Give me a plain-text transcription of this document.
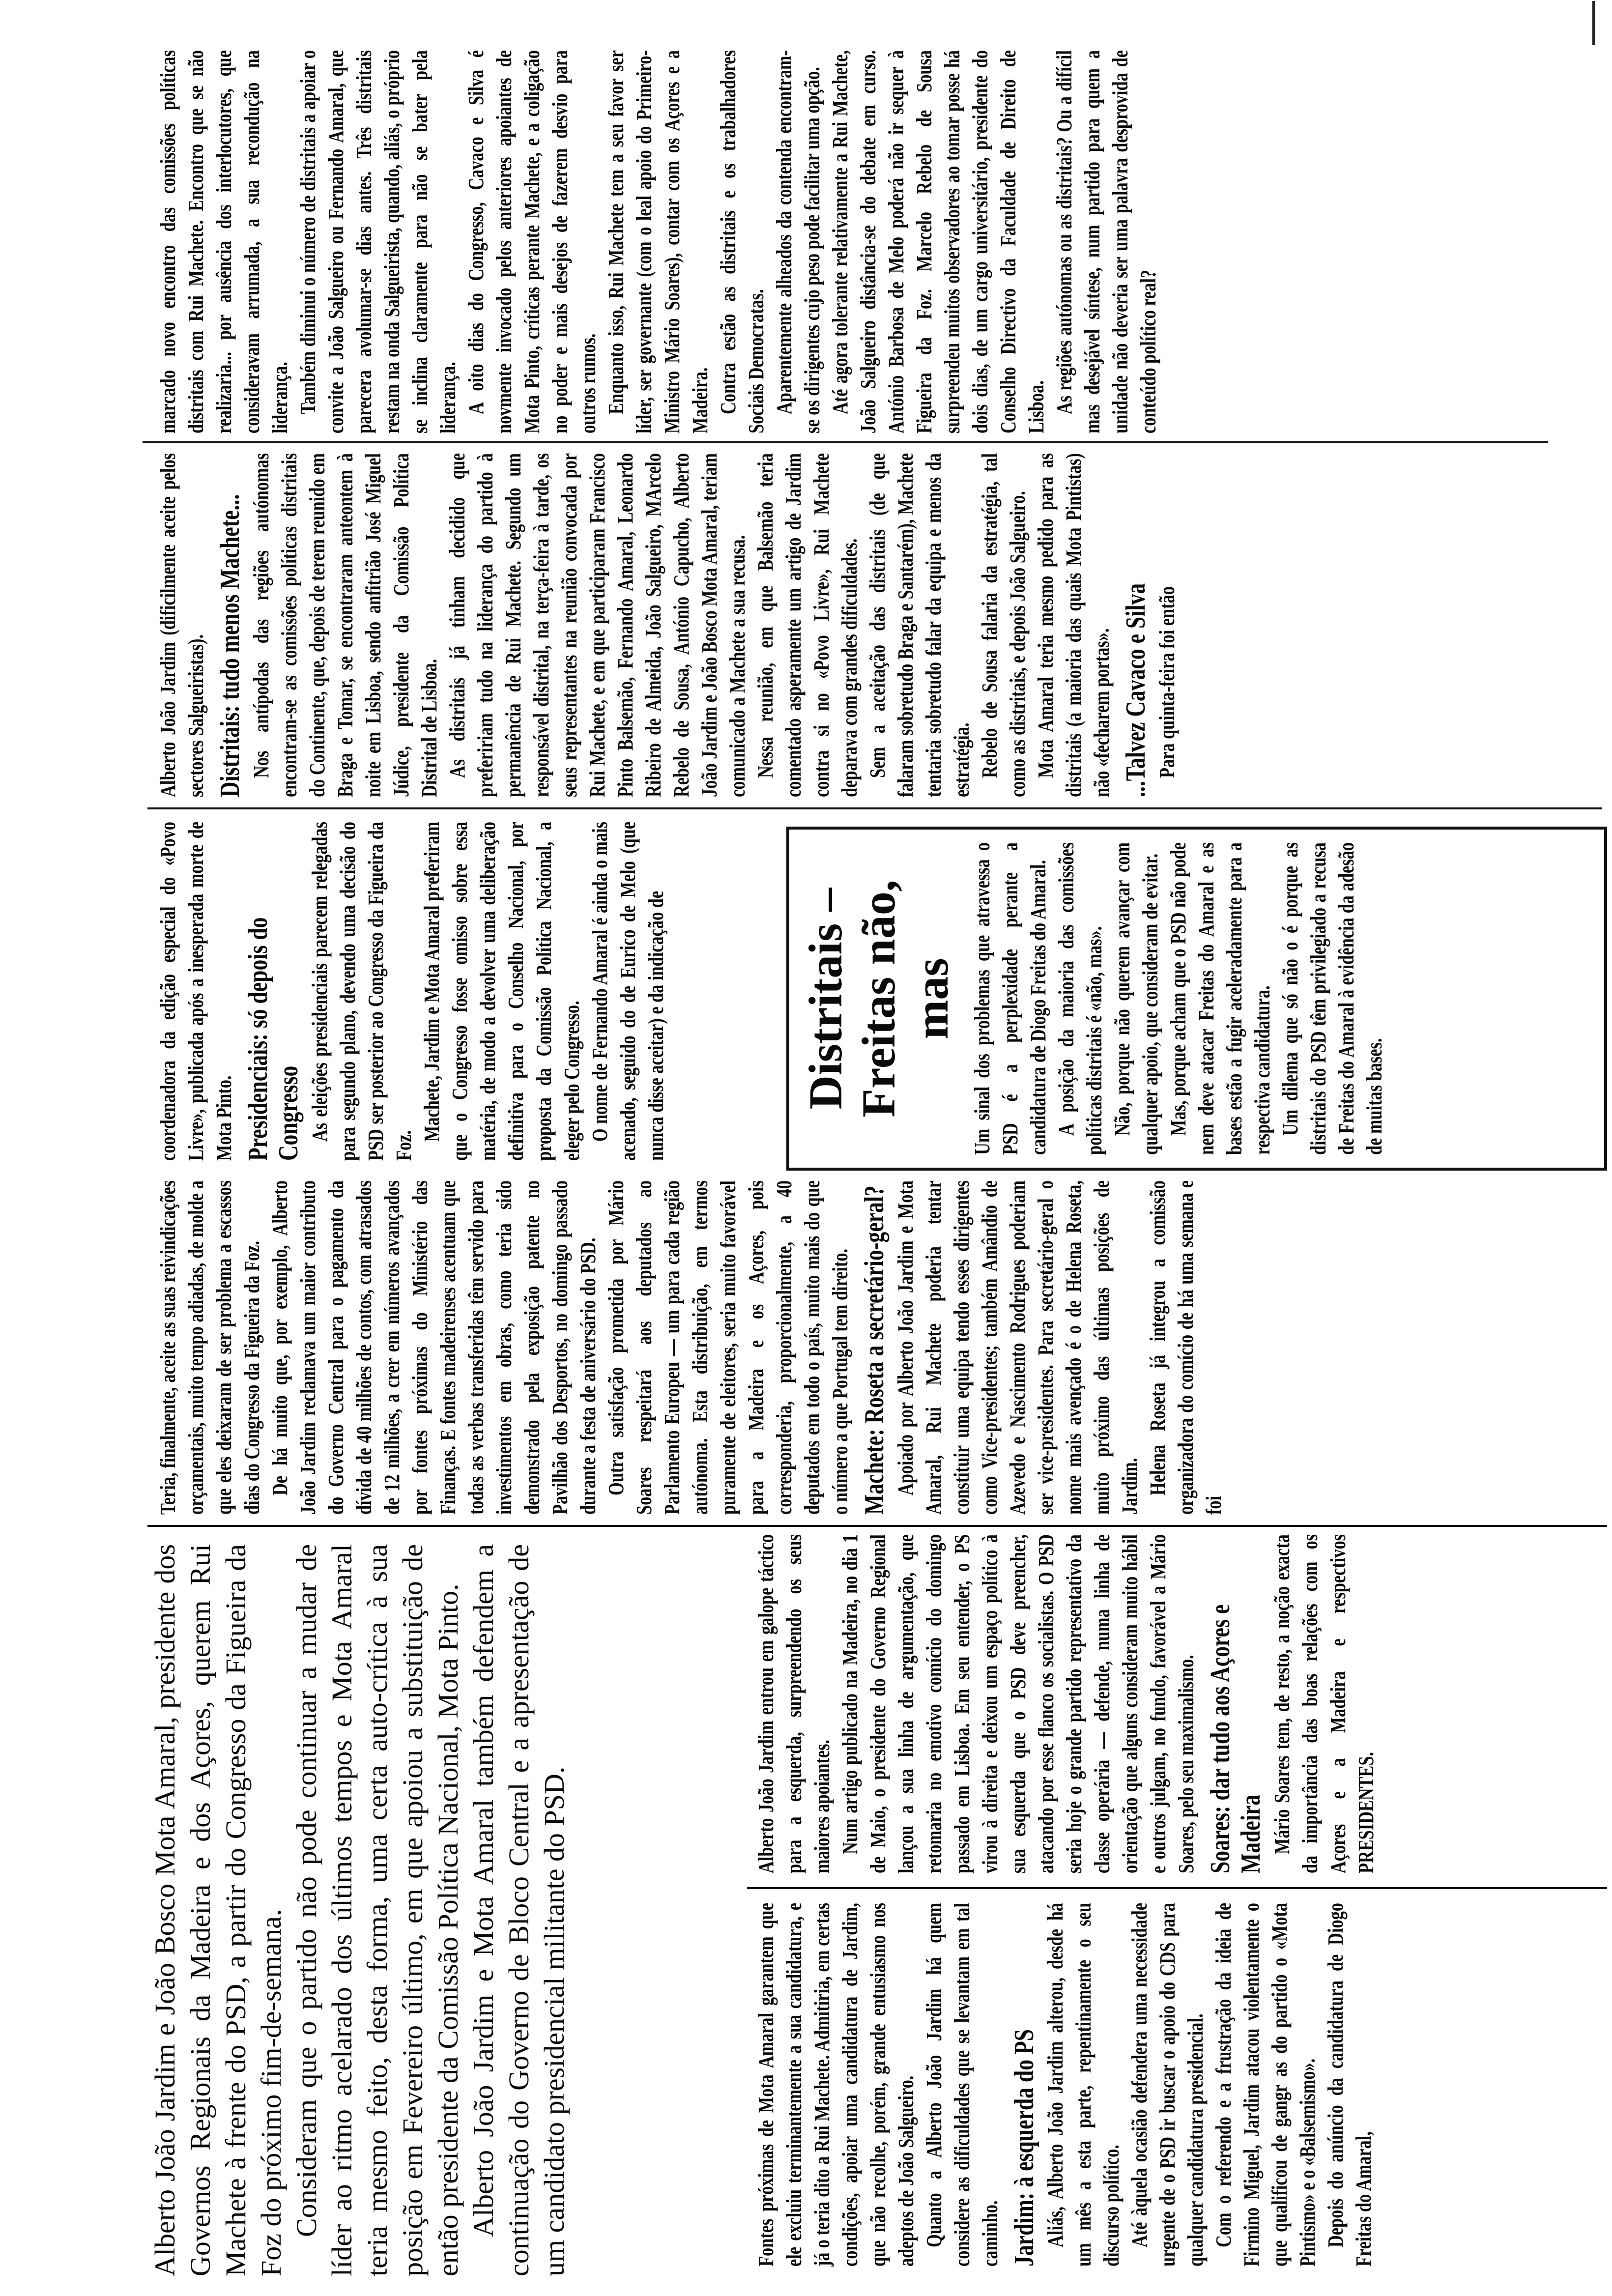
Alberto João Jardim e João Bosco Mota Amaral, presidente dos Governos Regionais da Madeira e dos Açores, querem Rui Machete à frente do PSD, a partir do Congresso da Figueira da Foz do próximo fim-de-semana. Consideram que o partido não pode continuar a mudar de líder ao ritmo acelarado dos últimos tempos e Mota Amaral teria mesmo feito, desta forma, uma certa auto-crítica à sua posição em Fevereiro último, em que apoiou a substituição de então presidente da Comissão Política Nacional, Mota Pinto. Alberto João Jardim e Mota Amaral também defendem a continuação do Governo de Bloco Central e a apresentação de um candidato presidencial militante do PSD.	Fontes próximas de Mota Amaral garantem que ele excluiu terminantemente a sua candidatura, e já o teria dito a Rui Machete. Admitiria, em certas condições, apoiar uma candidatura de Jardim, que não recolhe, porém, grande entusiasmo nos adeptos de João Salgueiro. Quanto a Alberto João Jardim há quem considere as dificuldades que se levantam em tal caminho. Jardim: à esquerda do PS Aliás, Alberto João Jardim alterou, desde há um mês a esta parte, repentinamente o seu discurso político. Até àquela ocasião defendera uma necessidade urgente de o PSD ir buscar o apoio do CDS para qualquer candidatura presidencial. Com o referendo e a frustração da ideia de Firmino Miguel, Jardim atacou violentamente o que qualificou de gangr as do partido o «Mota Pintismo» e o «Balsemismo». Depois do anúncio da candidatura de Diogo Freitas do Amaral,

Alberto João Jardim entrou em galope táctico para a esquerda, surpreendendo os seus maiores apoiantes. Num artigo publicado na Madeira, no dia 1 de Maio, o presidente do Governo Regional lançou a sua linha de argumentação, que retomaria no emotivo comício do domingo passado em Lisboa. Em seu entender, o PS virou à direita e deixou um espaço político à sua esquerda que o PSD deve preencher, atacando por esse flanco os socialistas. O PSD seria hoje o grande partido representativo da classe operária — defende, numa linha de orientação que alguns consideram muito hábil e outros julgam, no fundo, favorável a Mário Soares, pelo seu maximalismo. Soares: dar tudo aos Açores e Madeira Mário Soares tem, de resto, a noção exacta da importância das boas relações com os Açores e a Madeira e respectivos PRESIDENTES.

Teria, finalmente, aceite as suas reivindicações orçamentais, muito tempo adiadas, de molde a que eles deixaram de ser problema a escassos dias do Congresso da Figueira da Foz. De há muito que, por exemplo, Alberto João Jardim reclamava um maior contributo do Governo Central para o pagamento da dívida de 40 milhões de contos, com atrasados de 12 milhões, a crer em números avançados por fontes próximas do Ministério das Finanças. E fontes madeirenses acentuam que todas as verbas transferidas têm servido para investimentos em obras, como teria sido demonstrado pela exposição patente no Pavilhão dos Desportos, no domingo passado durante a festa de aniversário do PSD. Outra satisfação prometida por Mário Soares respeitará aos deputados ao Parlamento Europeu — um para cada região autónoma. Esta distribuição, em termos puramente de eleitores, seria muito favorável para a Madeira e os Açores, pois corresponderia, proporcionalmente, a 40 deputados em todo o país, muito mais do que o número a que Portugal tem direito. Machete: Roseta a secretário-geral? Apoiado por Alberto João Jardim e Mota Amaral, Rui Machete poderia tentar constituir uma equipa tendo esses dirigentes como Vice-presidentes; também Amândio de Azevedo e Nascimento Rodrigues poderiam ser vice-presidentes. Para secretário-geral o nome mais avençado é o de Helena Roseta, muito próximo das últimas posições de Jardim. Helena Roseta já integrou a comissão organizadora do comício de há uma semana e foi

coordenadora da edição especial do «Povo Livre», publicada após a inesperada morte de Mota Pinto. Presidenciais: só depois do Congresso As eleições presidenciais parecem relegadas para segundo plano, devendo uma decisão do PSD ser posterior ao Congresso da Figueira da Foz.

Machete, Jardim e Mota Amaral preferiram que o Congresso fosse omisso sobre essa matéria, de modo a devolver uma deliberação definitiva para o Conselho Nacional, por proposta da Comissão Política Nacional, a eleger pelo Congresso. O nome de Fernando Amaral é ainda o mais acenado, seguido do de Eurico de Melo (que nunca disse aceitar) e da indicação de

Alberto João Jardim (dificilmente aceite pelos sectores Salgueiristas). Distritais: tudo menos Machete... Nos antípodas das regiões autónomas encontram-se as comissões políticas distritais do Continente, que, depois de terem reunido em Braga e Tomar, se encontraram anteontem à noite em Lisboa, sendo anfitrião José Miguel Júdice, presidente da Comissão Política Distrital de Lisboa. As distritais já tinham decidido que prefeririam tudo na liderança do partido à permanência de Rui Machete. Segundo um responsável distrital, na terça-feira à tarde, os seus representantes na reunião convocada por Rui Machete, e em que participaram Francisco Pinto Balsemão, Fernando Amaral, Leonardo Ribeiro de Almeida, João Salgueiro, MArcelo Rebelo de Sousa, António Capucho, Alberto João Jardim e João Bosco Mota Amaral, teriam comunicado a Machete a sua recusa. Nessa reunião, em que Balsemão teria comentado asperamente um artigo de Jardim contra si no «Povo Livre», Rui Machete deparava com grandes dificuldades. Sem a aceitação das distritais (de que falaram sobretudo Braga e Santarém), Machete tentaria sobretudo falar da equipa e menos da estratégia. Rebelo de Sousa falaria da estratégia, tal como as distritais, e depois João Salgueiro. Mota Amaral teria mesmo pedido para as distritais (a maioria das quais Mota Pintistas) não «fecharem portas». ...Talvez Cavaco e Silva Para quinta-feira foi então

marcado novo encontro das comissões políticas distritais com Rui Machete. Encontro que se não realizaria... por ausência dos interlocutores, que consideravam arrumada, a sua recondução na liderança. Também diminui o número de distritais a apoiar o convite a João Salgueiro ou Fernando Amaral, que parecera avolumar-se dias antes. Três distritais restam na onda Salgueirista, quando, aliás, o próprio se inclina claramente para não se bater pela liderança. A oito dias do Congresso, Cavaco e Silva é novmente invocado pelos anteriores apoiantes de Mota Pinto, críticas perante Machete, e a coligação no poder e mais desejos de fazerem desvio para outros rumos. Enquanto isso, Rui Machete tem a seu favor ser líder, ser governante (com o leal apoio do Primeiro-Ministro Mário Soares), contar com os Açores e a Madeira. Contra estão as distritais e os trabalhadores Sociais Democratas. Aparentemente alheados da contenda encontram-se os dirigentes cujo peso pode facilitar uma opção. Até agora tolerante relativamente a Rui Machete, João Salgueiro distância-se do debate em curso. António Barbosa de Melo poderá não ir sequer à Figueira da Foz. Marcelo Rebelo de Sousa surpreendeu muitos observadores ao tomar posse há dois dias, de um cargo universitário, presidente do Conselho Directivo da Faculdade de Direito de Lisboa. As regiões autónomas ou as distritais? Ou a difícil mas desejável síntese, num partido para quem a unidade não deveria ser uma palavra desprovida de conteúdo político real?

Distritais – Freitas não, mas Um sinal dos problemas que atravessa o PSD é a perplexidade perante a candidatura de Diogo Freitas do Amaral. A posição da maioria das comissões políticas distritais é «não, mas». Não, porque não querem avançar com qualquer apoio, que consideram de evitar. Mas, porque acham que o PSD não pode nem deve atacar Freitas do Amaral e as bases estão a fugir aceleradamente para a respectiva candidatura. Um dilema que só não o é porque as distritais do PSD têm privilegiado a recusa de Freitas do Amaral à evidência da adesão de muitas bases.
